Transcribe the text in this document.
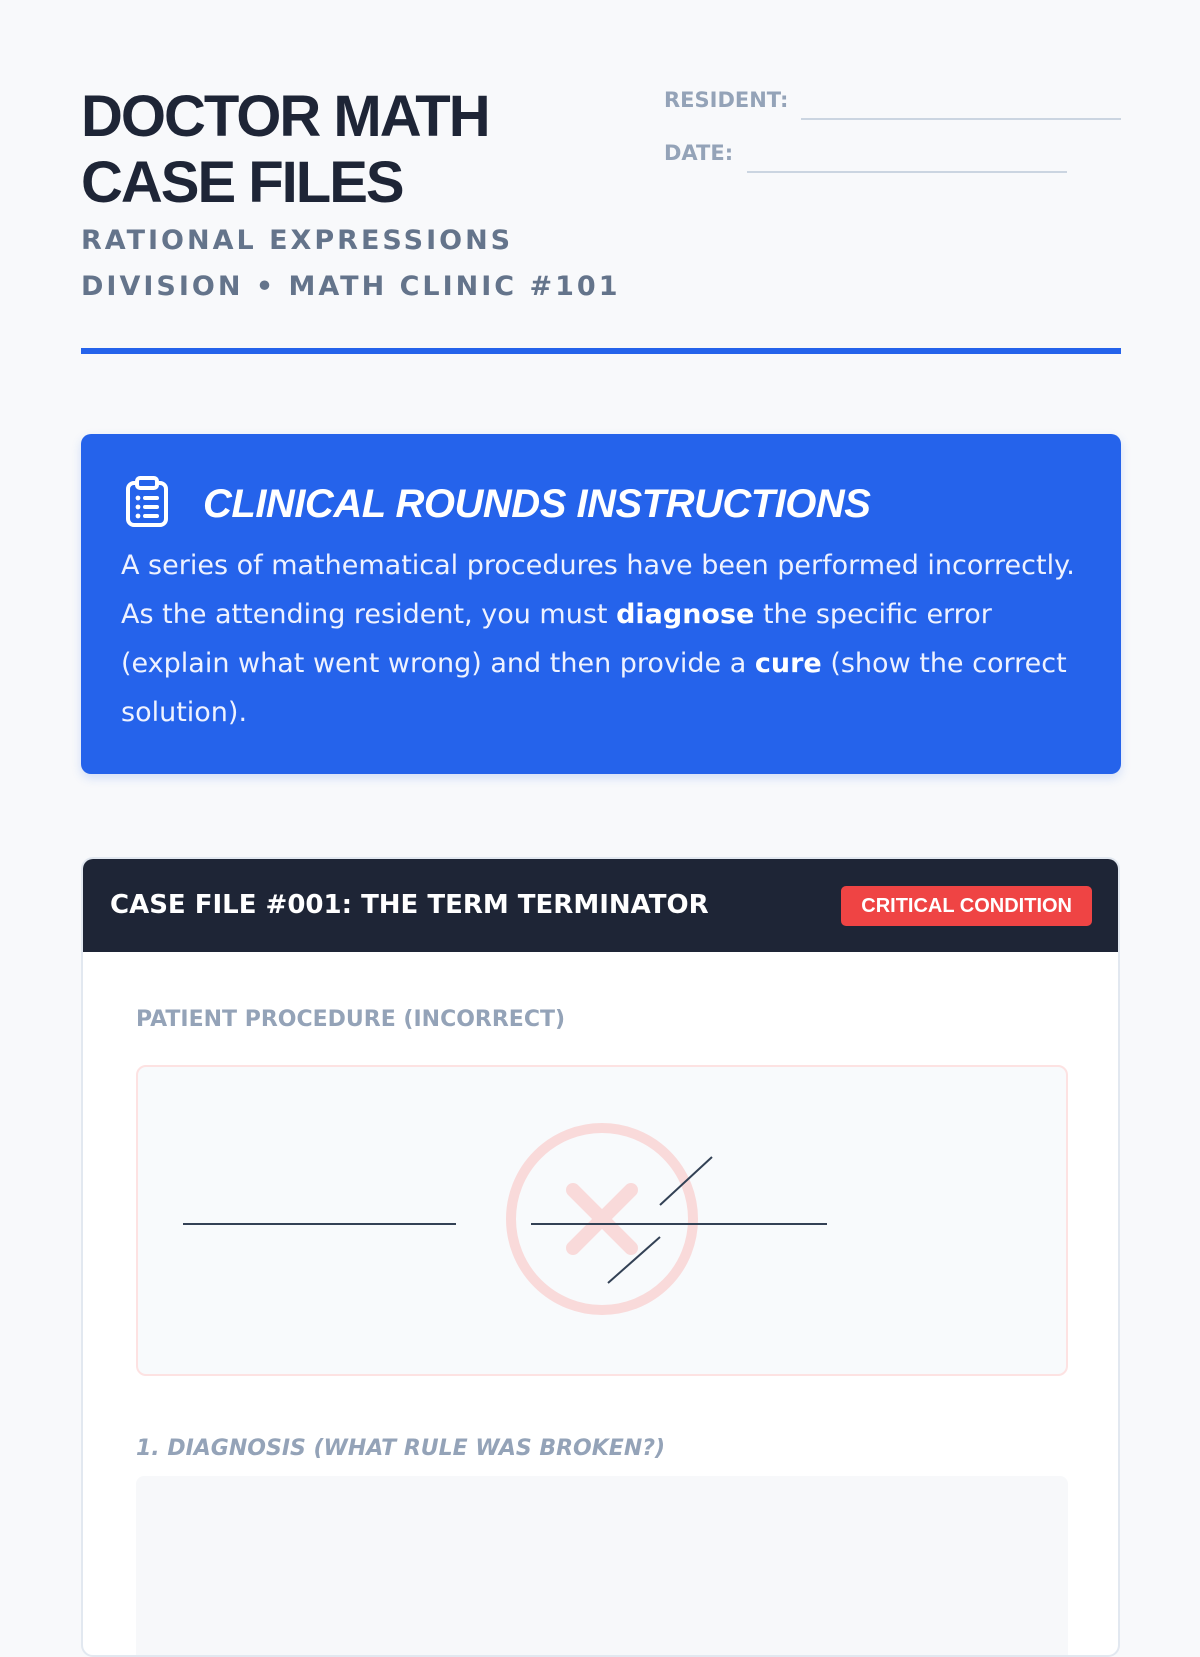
DOCTOR MATH CASE FILES
RATIONAL EXPRESSIONS DIVISION • MATH CLINIC #101
RESIDENT:
DATE:
CLINICAL ROUNDS INSTRUCTIONS

A series of mathematical procedures have been performed incorrectly. As the attending resident, you must diagnose the specific error (explain what went wrong) and then provide a cure (show the correct solution).

CASE FILE #001: THE TERM TERMINATOR	CRITICAL CONDITION
PATIENT PROCEDURE (INCORRECT)
1. DIAGNOSIS (WHAT RULE WAS BROKEN?)
